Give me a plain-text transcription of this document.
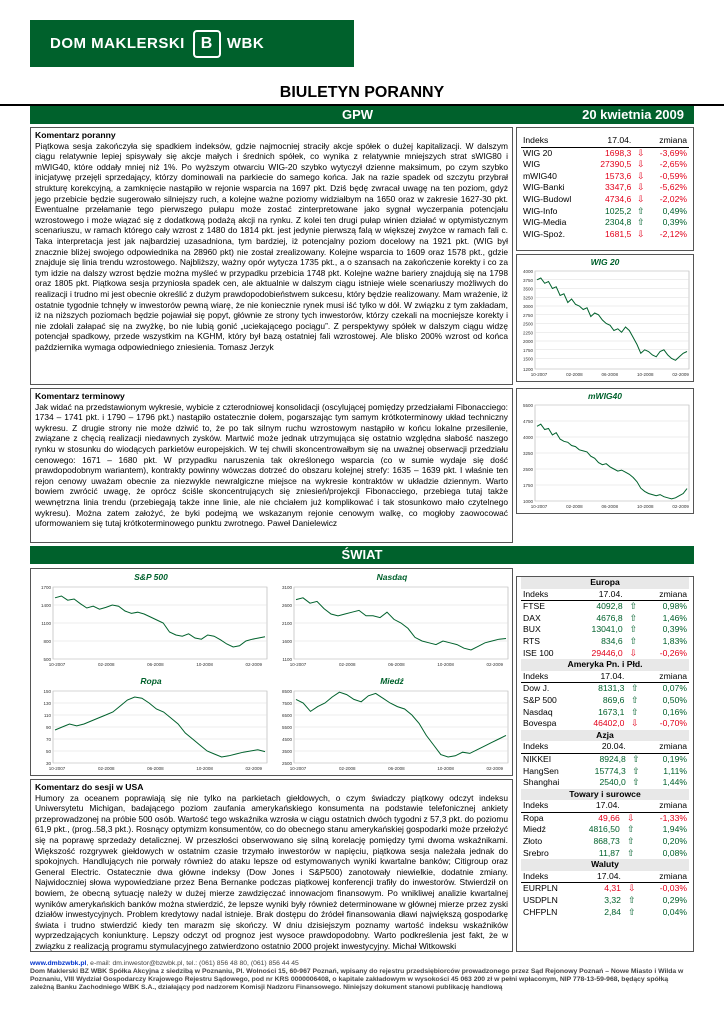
DOM MAKLERSKI B WBK
BIULETYN PORANNY
GPW	20 kwietnia 2009
Komentarz poranny
Piątkowa sesja zakończyła się spadkiem indeksów, gdzie najmocniej straciły akcje spółek o dużej kapitalizacji. W dalszym ciągu relatywnie lepiej spisywały się akcje małych i średnich spółek, co wynika z relatywnie mniejszych strat sWIG80 i mWIG40, które oddały mniej niż 1%. Po wyższym otwarciu WIG-20 szybko wytyczył dzienne maksimum, po czym szybko inicjatywę przejęli sprzedający, którzy dominowali na parkiecie do samego końca. Jak na razie spadek od szczytu przybrał strukturę korekcyjną, a zamknięcie nastąpiło w rejonie wsparcia na 1697 pkt. Dziś będę zwracał uwagę na ten poziom, gdyż jego przebicie będzie sugerowało silniejszy ruch, a kolejne ważne poziomy widziałbym na 1650 oraz w zakresie 1627-30 pkt. Ewentualne przełamanie tego pierwszego pułapu może zostać zinterpretowane jako sygnał wyczerpania potencjału wzrostowego i może wiązać się z dodatkową podażą akcji na rynku. Z kolei ten drugi pułap winien działać w optymistycznym scenariuszu, w ramach którego cały wzrost z 1480 do 1814 pkt. jest jedynie pierwszą falą w większej zwyżce w ramach fali c. Taka interpretacja jest jak najbardziej uzasadniona, tym bardziej, iż potencjalny poziom docelowy na 1921 pkt. (WIG był znacznie bliżej swojego odpowiednika na 28960 pkt) nie został zrealizowany. Kolejne wsparcia to 1609 oraz 1578 pkt., gdzie znajduje się linia trendu wzrostowego. Najbliższy, ważny opór wytycza 1735 pkt., a o szansach na zakończenie korekty i co za tym idzie na dalszy wzrost będzie można myśleć w przypadku przebicia 1748 pkt. Kolejne ważne bariery znajdują się na 1798 oraz 1805 pkt. Piątkowa sesja przyniosła spadek cen, ale aktualnie w dalszym ciągu istnieje wiele scenariuszy możliwych do realizacji i trudno mi jest obecnie określić z dużym prawdopodobieństwem sukcesu, który będzie realizowany. Mam wrażenie, iż ostatnie tygodnie tchnęły w inwestorów pewną wiarę, że nie koniecznie rynek musi iść tylko w dół. W związku z tym zakładam, iż na niższych poziomach będzie pojawiał się popyt, głównie ze strony tych inwestorów, którzy czekali na mocniejsze korekty i nie zdołali załapać się na zwyżkę, bo nie lubią gonić „uciekającego pociągu”. Z perspektywy spółek w dalszym ciągu widzę potencjał spadkowy, przede wszystkim na KGHM, który był bazą ostatniej fali wzrostowej. Ale blisko 200% wzrost od końca października wymaga odpowiedniego zniesienia. Tomasz Jerzyk
Komentarz terminowy
Jak widać na przedstawionym wykresie, wybicie z czterodniowej konsolidacji (oscylującej pomiędzy przedziałami Fibonacciego: 1734 – 1741 pkt. i 1790 – 1796 pkt.) nastąpiło ostatecznie dołem, pogarszając tym samym krótkoterminowy układ techniczny wykresu. Z drugie strony nie może dziwić to, że po tak silnym ruchu wzrostowym nastąpiło w końcu lokalne przesilenie, związane z chęcią realizacji niedawnych zysków. Martwić może jednak utrzymująca się ostatnio względna słabość naszego rynku w stosunku do wiodących parkietów europejskich. W tej chwili skoncentrowałbym się na uważnej obserwacji przedziału cenowego: 1671 – 1680 pkt. W przypadku naruszenia tak określonego wsparcia (co w sumie wydaje się dość prawdopodobnym wariantem), kontrakty powinny wówczas dotrzeć do obszaru kolejnej strefy: 1635 – 1639 pkt. I właśnie ten rejon cenowy uważam obecnie za niezwykle newralgiczne miejsce na wykresie kontraktów w układzie dziennym. Warto bowiem zwrócić uwagę, że oprócz ściśle skoncentrujących się zniesień/projekcji Fibonacciego, przebiega tutaj także wewnętrzna linia trendu (przebiegają także inne linie, ale nie chciałem już komplikować i tak stosunkowo mało czytelnego wykresu). Można zatem założyć, że byki podejmą we wskazanym rejonie cenowym walkę, co mogłoby zaowocować uformowaniem się tutaj krótkoterminowego punktu zwrotnego. Paweł Danielewicz
Indeks	17.04.		zmiana
WIG 20	1698,3	⇩	-3,69%
WIG	27390,5	⇩	-2,65%
mWIG40	1573,6	⇩	-0,59%
WIG-Banki	3347,6	⇩	-5,62%
WIG-Budowl	4734,6	⇩	-2,02%
WIG-Info	1025,2	⇧	0,49%
WIG-Media	2304,8	⇧	0,39%
WIG-Spoż.	1681,5	⇩	-2,12%
WIG 20
1200
1500
1750
2000
2250
2500
2750
3000
3250
3500
3750
4000
10-2007	02-2008	06-2008	10-2008	02-2009
mWIG40
1000
1750
2500
3250
4000
4750
5500
10-2007	02-2008	06-2008	10-2008	02-2009
ŚWIAT
S&P 500
500
800
1100
1400
1700
10-2007	02-2008	06-2008	10-2008	02-2009
Nasdaq
1100
1600
2100
2600
3100
10-2007	02-2008	06-2008	10-2008	02-2009
Ropa
30
50
70
90
110
130
150
10-2007	02-2008	06-2008	10-2008	02-2009
Miedź
2500
3500
4500
5500
6500
7500
8500
10-2007	02-2008	06-2008	10-2008	02-2009
Komentarz do sesji w USA
Humory za oceanem poprawiają się nie tylko na parkietach giełdowych, o czym świadczy piątkowy odczyt indeksu Uniwersytetu Michigan, badającego poziom zaufania amerykańskiego konsumenta na podstawie telefonicznej ankiety przeprowadzonej na próbie 500 osób. Wartość tego wskaźnika wzrosła w ciągu ostatnich dwóch tygodni z 57,3 pkt. do poziomu 61,9 pkt., (prog..58,3 pkt.). Rosnący optymizm konsumentów, co do obecnego stanu amerykańskiej gospodarki może przełożyć się na poprawę sprzedaży detalicznej. W przeszłości obserwowano się silną korelację pomiędzy tymi dwoma wskaźnikami. Większość rozgrywek giełdowych w ostatnim czasie trzymało inwestorów w napięciu, piątkowa sesja należała jednak do spokojnych. Handlujących nie porwały również do ataku lepsze od estymowanych wyniki kwartalne banków; Citigroup oraz General Electric. Ostatecznie dwa główne indeksy (Dow Jones i S&P500) zanotowały niewielkie, dodatnie zmiany. Najwidoczniej słowa wypowiedziane przez Bena Bernanke podczas piątkowej konferencji trafiły do inwestorów. Stwierdził on bowiem, że obecną sytuację należy w dużej mierze zawdzięczać innowacjom finansowym. Po wnikliwej analizie kwartalnej wyników amerykańskich banków można stwierdzić, że lepsze wyniki były również determinowane w głównej mierze przez zyski działów inwestycyjnych. Problem kredytowy nadal istnieje. Brak dostępu do źródeł finansowania dławi największą gospodarkę świata i trudno stwierdzić kiedy ten marazm się skończy. W dniu dzisiejszym poznamy wartość indeksu wskaźników wyprzedzających koniunkturę. Lepszy odczyt od prognoz jest wysoce prawdopodobny. Warto podkreślenia jest fakt, że w związku z realizacją programu stymulacyjnego zatwierdzono ostatnio 2000 projekt inwestycyjny. Michał Witkowski
Europa			
Indeks	17.04.		zmiana
FTSE	4092,8	⇧	0,98%
DAX	4676,8	⇧	1,46%
BUX	13041,0	⇧	0,39%
RTS	834,6	⇧	1,83%
ISE 100	29446,0	⇩	-0,26%
Ameryka Pn. i Płd.			
Indeks	17.04.		zmiana
Dow J.	8131,3	⇧	0,07%
S&P 500	869,6	⇧	0,50%
Nasdaq	1673,1	⇧	0,16%
Bovespa	46402,0	⇩	-0,70%
Azja			
Indeks	20.04.		zmiana
NIKKEI	8924,8	⇧	0,19%
HangSen	15774,3	⇧	1,11%
Shanghai	2540,0	⇧	1,44%
Towary i surowce			
Indeks	17.04.		zmiana
Ropa	49,66	⇩	-1,33%
Miedź	4816,50	⇧	1,94%
Złoto	868,73	⇧	0,20%
Srebro	11,87	⇧	0,08%
Waluty			
Indeks	17.04.		zmiana
EURPLN	4,31	⇩	-0,03%
USDPLN	3,32	⇧	0,29%
CHFPLN	2,84	⇧	0,04%
www.dmbzwbk.pl, e-mail: dm.inwestor@bzwbk.pl, tel.: (061) 856 48 80, (061) 856 44 45
Dom Maklerski BZ WBK Spółka Akcyjna z siedzibą w Poznaniu, Pl. Wolności 15, 60-967 Poznań, wpisany do rejestru przedsiębiorców prowadzonego przez Sąd Rejonowy Poznań – Nowe Miasto i Wilda w Poznaniu, VIII Wydział Gospodarczy Krajowego Rejestru Sądowego, pod nr KRS 0000006408, o kapitale zakładowym w wysokości 45 063 200 zł w pełni wpłaconym, NIP 778-13-59-968, będący spółką zależną Banku Zachodniego WBK S.A., działający pod nadzorem Komisji Nadzoru Finansowego. Niniejszy dokument stanowi publikację handlową
